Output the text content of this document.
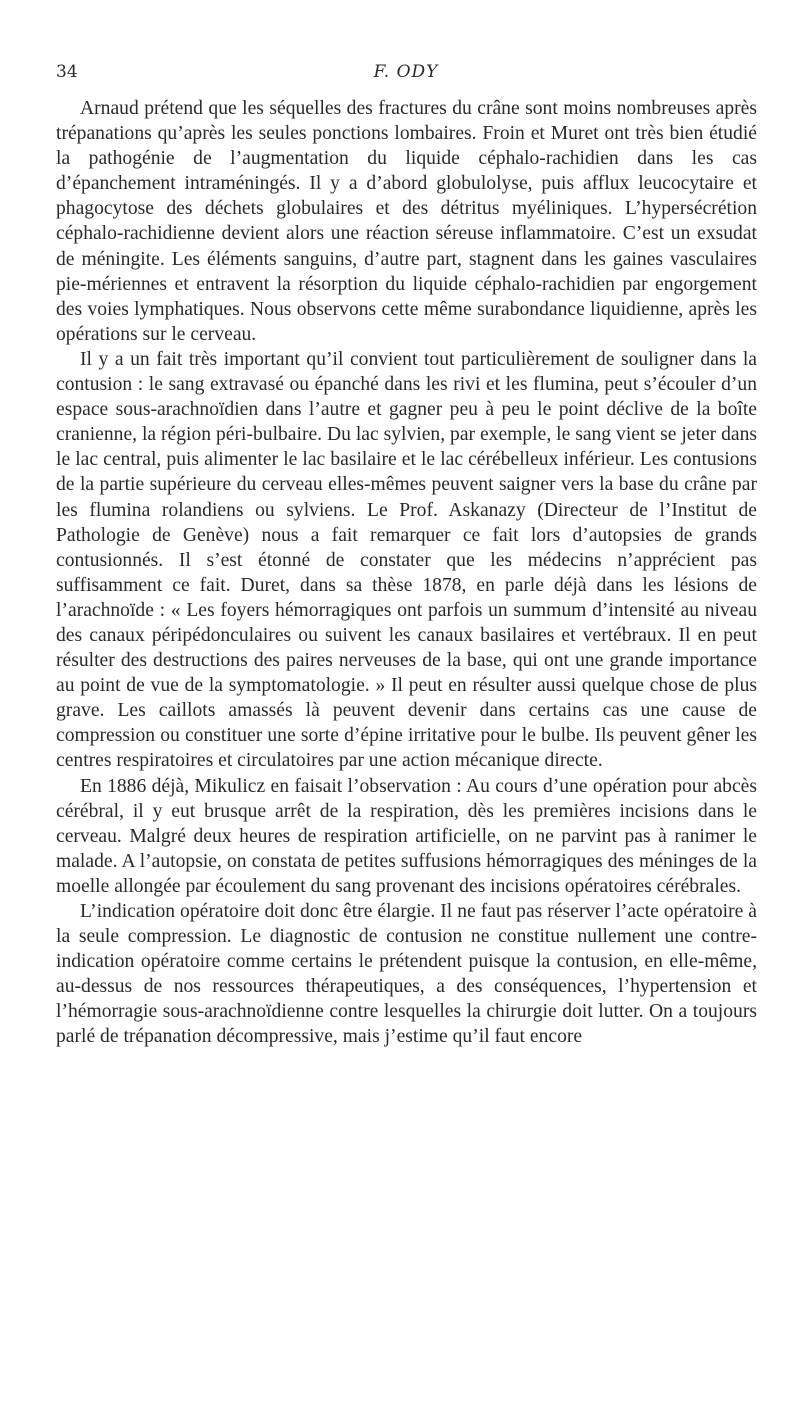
34	F. ODY

Arnaud prétend que les séquelles des fractures du crâne sont moins nombreuses après trépanations qu’après les seules ponctions lombaires. Froin et Muret ont très bien étudié la pathogénie de l’augmentation du liquide céphalo-rachidien dans les cas d’épanchement intraméningés. Il y a d’abord globulolyse, puis afflux leucocytaire et phagocytose des déchets globulaires et des détritus myéliniques. L’hypersécrétion céphalo-rachidienne devient alors une réaction séreuse inflammatoire. C’est un exsudat de méningite. Les éléments sanguins, d’autre part, stagnent dans les gaines vasculaires pie-mériennes et entravent la résorption du liquide céphalo-rachidien par engorgement des voies lymphatiques. Nous observons cette même surabondance liquidienne, après les opérations sur le cerveau.

Il y a un fait très important qu’il convient tout particulièrement de souligner dans la contusion : le sang extravasé ou épanché dans les rivi et les flumina, peut s’écouler d’un espace sous-arachnoïdien dans l’autre et gagner peu à peu le point déclive de la boîte cranienne, la région péri-bulbaire. Du lac sylvien, par exemple, le sang vient se jeter dans le lac central, puis alimenter le lac basilaire et le lac cérébelleux inférieur. Les contusions de la partie supérieure du cerveau elles-mêmes peuvent saigner vers la base du crâne par les flumina rolandiens ou sylviens. Le Prof. Askanazy (Directeur de l’Institut de Pathologie de Genève) nous a fait remarquer ce fait lors d’autopsies de grands contusionnés. Il s’est étonné de constater que les médecins n’apprécient pas suffisamment ce fait. Duret, dans sa thèse 1878, en parle déjà dans les lésions de l’arachnoïde : « Les foyers hémorragiques ont parfois un summum d’intensité au niveau des canaux péripédonculaires ou suivent les canaux basilaires et vertébraux. Il en peut résulter des destructions des paires nerveuses de la base, qui ont une grande importance au point de vue de la symptomatologie. » Il peut en résulter aussi quelque chose de plus grave. Les caillots amassés là peuvent devenir dans certains cas une cause de compression ou constituer une sorte d’épine irritative pour le bulbe. Ils peuvent gêner les centres respiratoires et circulatoires par une action mécanique directe.

En 1886 déjà, Mikulicz en faisait l’observation : Au cours d’une opération pour abcès cérébral, il y eut brusque arrêt de la respiration, dès les premières incisions dans le cerveau. Malgré deux heures de respiration artificielle, on ne parvint pas à ranimer le malade. A l’autopsie, on constata de petites suffusions hémorragiques des méninges de la moelle allongée par écoulement du sang provenant des incisions opératoires cérébrales.

L’indication opératoire doit donc être élargie. Il ne faut pas réserver l’acte opératoire à la seule compression. Le diagnostic de contusion ne constitue nullement une contre-indication opératoire comme certains le prétendent puisque la contusion, en elle-même, au-dessus de nos ressources thérapeutiques, a des conséquences, l’hypertension et l’hémorragie sous-arachnoïdienne contre lesquelles la chirurgie doit lutter. On a toujours parlé de trépanation décompressive, mais j’estime qu’il faut encore
